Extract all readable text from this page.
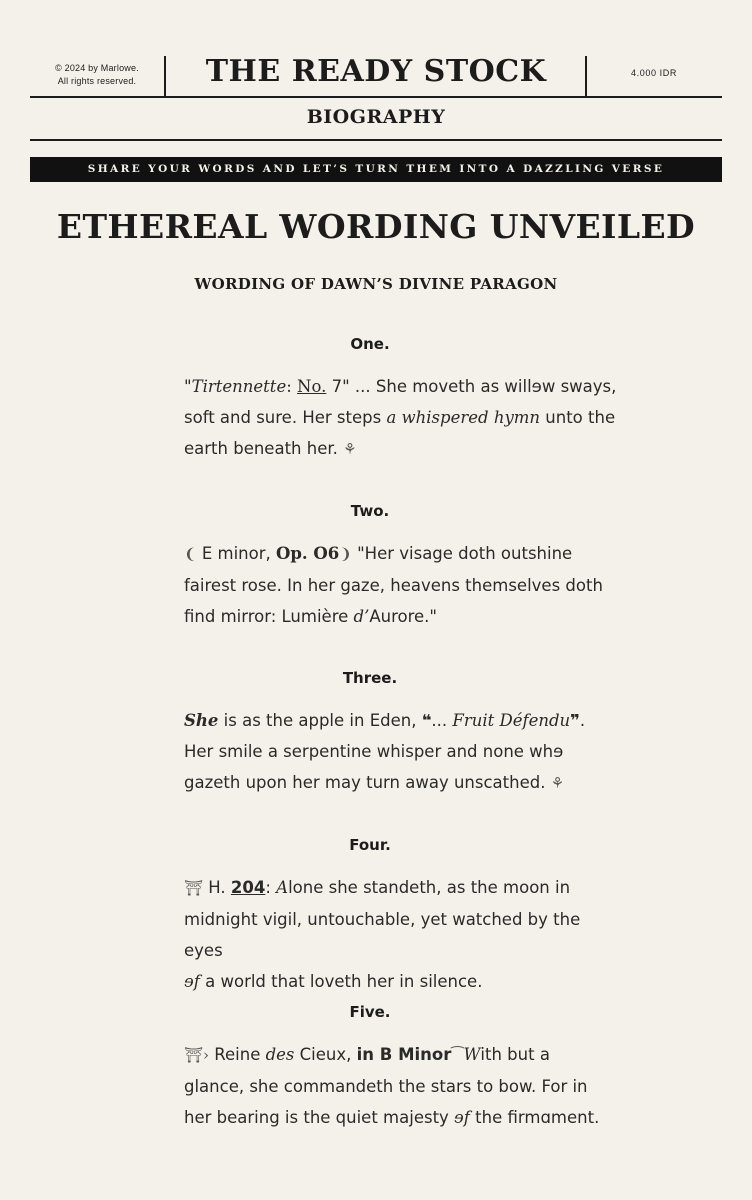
© 2024 by Marlowe.
All rights reserved.	THE READY STOCK	4.000 IDR
BIOGRAPHY
SHARE YOUR WORDS AND LET’S TURN THEM INTO A DAZZLING VERSE
ETHEREAL WORDING UNVEILED
WORDING OF DAWN’S DIVINE PARAGON
One.
"Tirtennette: No. 7" ... She moveth as willɘw sways,
soft and sure. Her steps a whispered hymn unto the
earth beneath her. ⚘
Two.
❨ E minor, Op. O6❩ "Her visage doth outshine
fairest rose. In her gaze, heavens themselves doth
find mirror: Lumière d’Aurore."
Three.
She is as the apple in Eden, ❝... Fruit Défendu❞.
Her smile a serpentine whisper and none whɘ
gazeth upon her may turn away unscathed. ⚘
Four.
⛩ H. 204: Alone she standeth, as the moon in
midnight vigil, untouchable, yet watched by the eyes
ɘf a world that loveth her in silence.
Five.
⛩› Reine des Cieux, in B Minor⁀With but a
glance, she commandeth the stars to bow. For in
her bearing is the quiet majesty ɘf the firmɑment.
